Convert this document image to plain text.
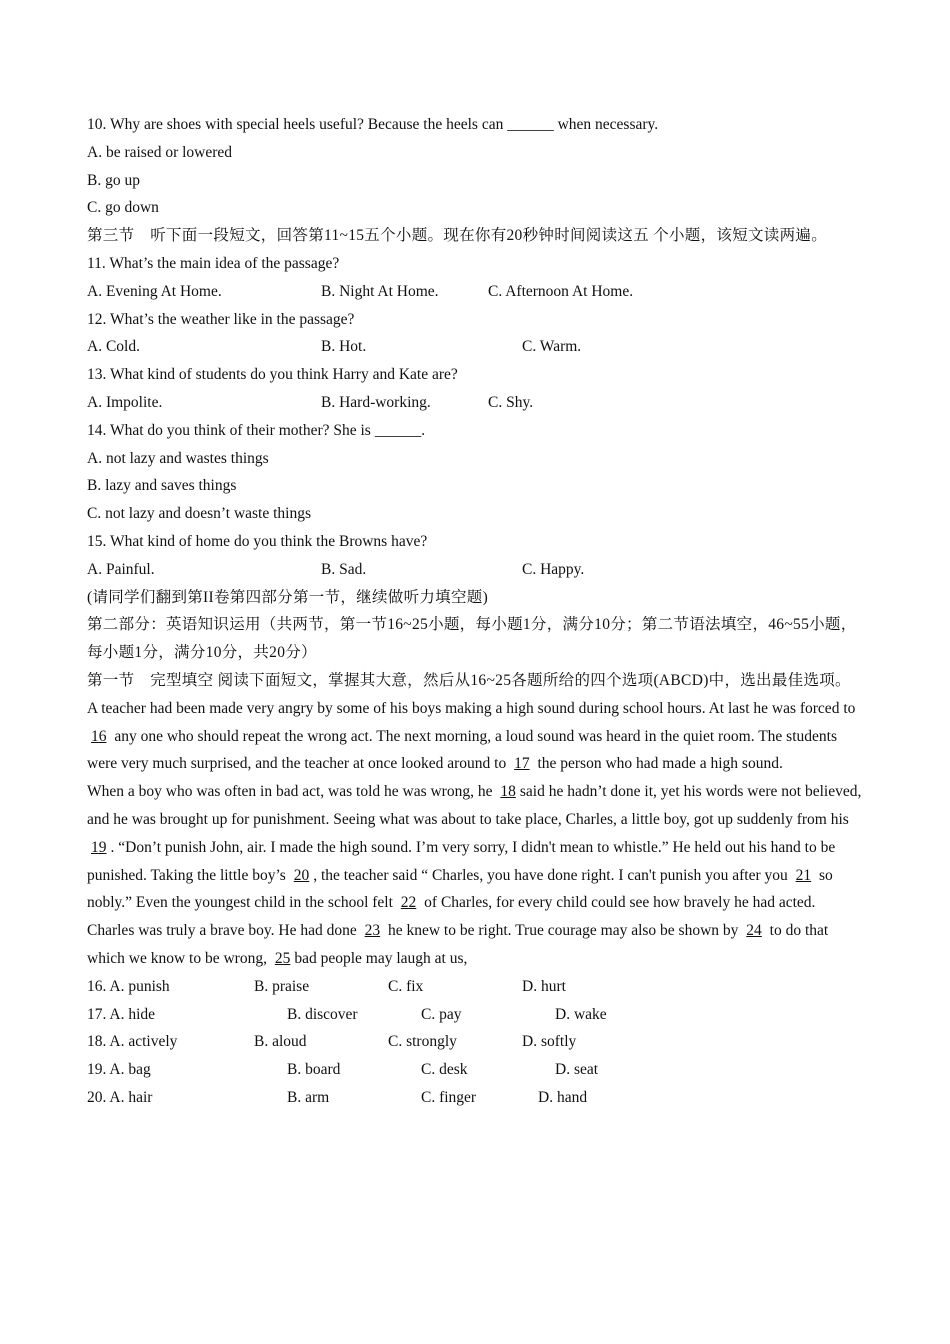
10. Why are shoes with special heels useful? Because the heels can ______ when necessary.
A. be raised or lowered
B. go up
C. go down
第三节　听下面一段短文，回答第11~15五个小题。现在你有20秒钟时间阅读这五 个小题，该短文读两遍。
11. What’s the main idea of the passage?
A. Evening At Home.	B. Night At Home.	C. Afternoon At Home.
12. What’s the weather like in the passage?
A. Cold.	B. Hot.	C. Warm.
13. What kind of students do you think Harry and Kate are?
A. Impolite.	B. Hard-working.	C. Shy.
14. What do you think of their mother? She is ______.
A. not lazy and wastes things
B. lazy and saves things
C. not lazy and doesn’t waste things
15. What kind of home do you think the Browns have?
A. Painful.	B. Sad.	C. Happy.
(请同学们翻到第II卷第四部分第一节，继续做听力填空题)
第二部分：英语知识运用（共两节，第一节16~25小题，每小题1分，满分10分；第二节语法填空，46~55小题，每小题1分，满分10分，共20分）
第一节　完型填空 阅读下面短文，掌握其大意，然后从16~25各题所给的四个选项(ABCD)中，选出最佳选项。
A teacher had been made very angry by some of his boys making a high sound during school hours. At last he was forced to 16 any one who should repeat the wrong act. The next morning, a loud sound was heard in the quiet room. The students were very much surprised, and the teacher at once looked around to 17 the person who had made a high sound.
When a boy who was often in bad act, was told he was wrong, he 18 said he hadn’t done it, yet his words were not believed, and he was brought up for punishment. Seeing what was about to take place, Charles, a little boy, got up suddenly from his 19 . “Don’t punish John, air. I made the high sound. I’m very sorry, I didn't mean to whistle.” He held out his hand to be punished. Taking the little boy’s 20 , the teacher said “ Charles, you have done right. I can't punish you after you 21 so nobly.” Even the youngest child in the school felt 22 of Charles, for every child could see how bravely he had acted.
Charles was truly a brave boy. He had done 23 he knew to be right. True courage may also be shown by 24 to do that which we know to be wrong, 25 bad people may laugh at us,
16. A. punish	B. praise	C. fix	D. hurt
17. A. hide	B. discover	C. pay	D. wake
18. A. actively	B. aloud	C. strongly	D. softly
19. A. bag	B. board	C. desk	D. seat
20. A. hair	B. arm	C. finger	D. hand
